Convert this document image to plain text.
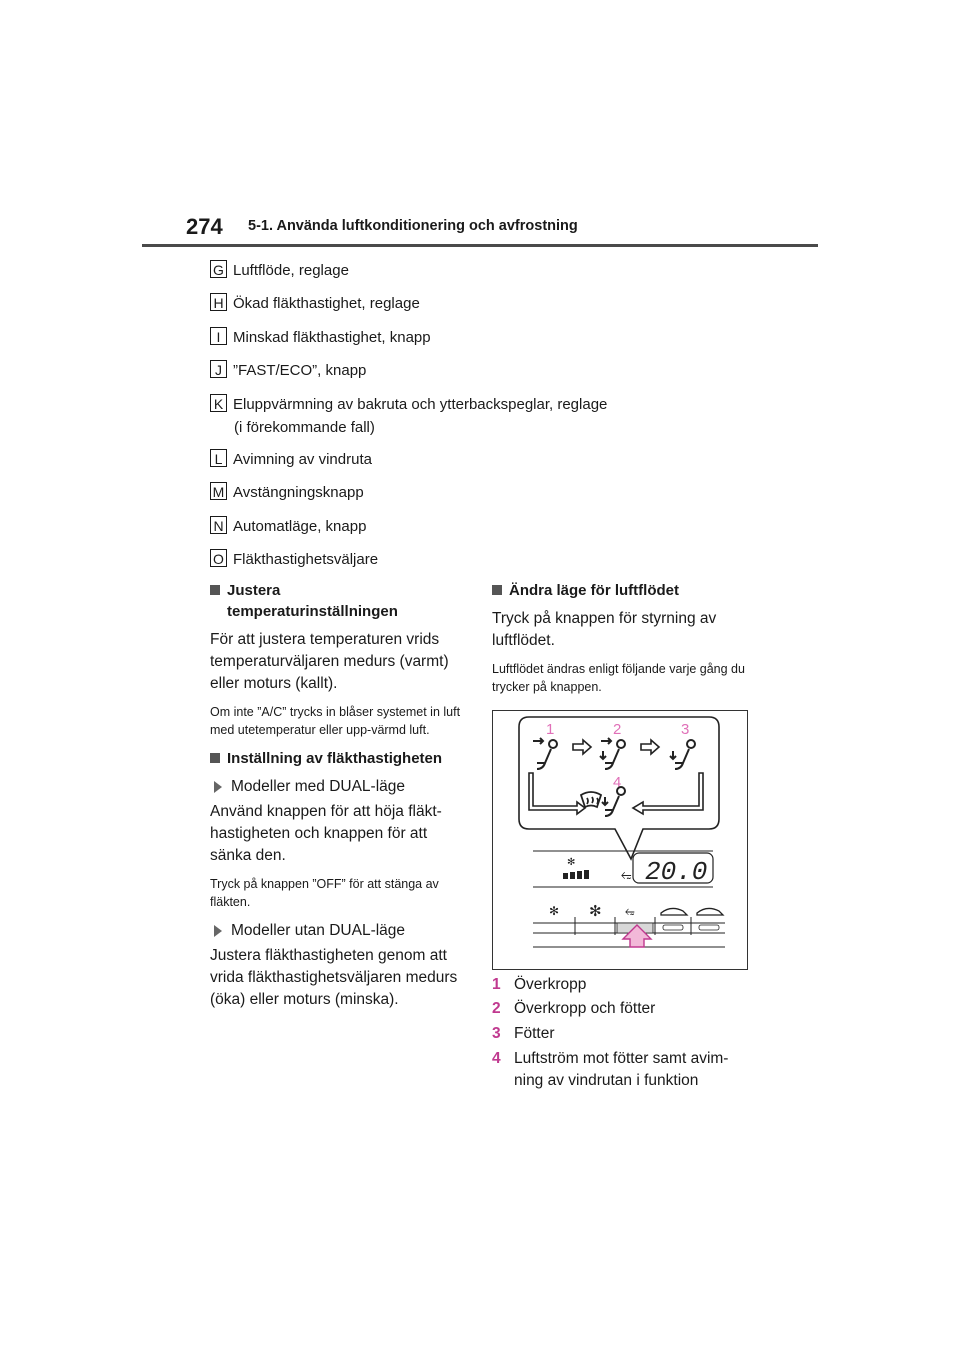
274 5-1. Använda luftkonditionering och avfrostning
G Luftflöde, reglage
H Ökad fläkthastighet, reglage
I Minskad fläkthastighet, knapp
J ”FAST/ECO”, knapp
K Eluppvärmning av bakruta och ytterbackspeglar, reglage
(i förekommande fall)
L Avimning av vindruta
M Avstängningsknapp
N Automatläge, knapp
O Fläkthastighetsväljare
Justera
temperaturinställningen
För att justera temperaturen vrids temperaturväljaren medurs (varmt) eller moturs (kallt).
Om inte ”A/C” trycks in blåser systemet in luft med utetemperatur eller upp-värmd luft.
Inställning av fläkthastigheten
Modeller med DUAL-läge
Använd knappen för att höja fläkt-hastigheten och knappen för att sänka den.
Tryck på knappen ”OFF” för att stänga av fläkten.
Modeller utan DUAL-läge
Justera fläkthastigheten genom att vrida fläkthastighetsväljaren medurs (öka) eller moturs (minska).
Ändra läge för luftflödet
Tryck på knappen för styrning av luftflödet.
Luftflödet ändras enligt följande varje gång du trycker på knappen.
1	2	3
4
20.0
✻
⥳
✻ ✻ ⥳
1 Överkropp
2 Överkropp och fötter
3 Fötter
4 Luftström mot fötter samt avim-ning av vindrutan i funktion
